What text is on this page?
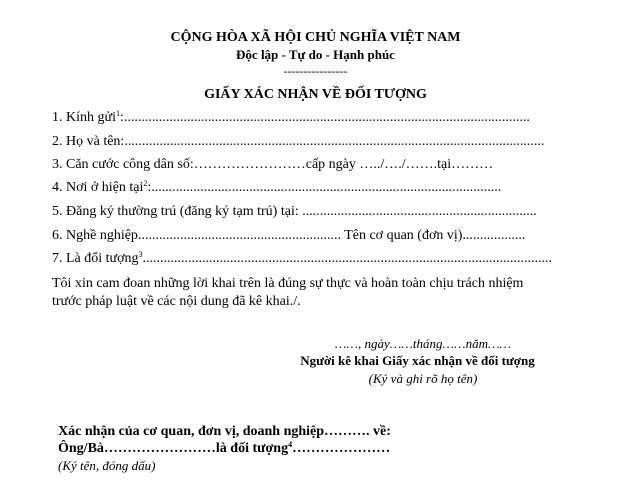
CỘNG HÒA XÃ HỘI CHỦ NGHĨA VIỆT NAM
Độc lập - Tự do - Hạnh phúc
----------------
GIẤY XÁC NHẬN VỀ ĐỐI TƯỢNG
1. Kính gửi$^1$:....................................................................................................................
2. Họ và tên:........................................................................................................................
3. Căn cước công dân số:……………………cấp ngày …../…./…….tại………
4. Nơi ở hiện tại$^2$:....................................................................................................
5. Đăng ký thường trú (đăng ký tạm trú) tại: ...................................................................
6. Nghề nghiệp.......................................................... Tên cơ quan (đơn vị)..................
7. Là đối tượng$^3$.....................................................................................................................
Tôi xin cam đoan những lời khai trên là đúng sự thực và hoàn toàn chịu trách nhiệm
trước pháp luật về các nội dung đã kê khai./.
……, ngày……tháng……năm……
Người kê khai Giấy xác nhận về đối tượng
(Ký và ghi rõ họ tên)
Xác nhận của cơ quan, đơn vị, doanh nghiệp………. về:
Ông/Bà……………………là đối tượng$^4$…………………
(Ký tên, đóng dấu)
